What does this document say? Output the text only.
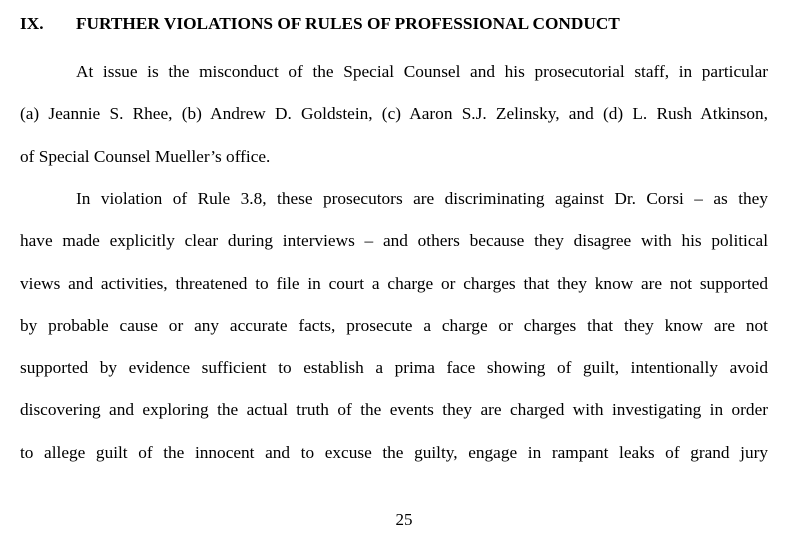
IX. FURTHER VIOLATIONS OF RULES OF PROFESSIONAL CONDUCT
At issue is the misconduct of the Special Counsel and his prosecutorial staff, in particular
(a) Jeannie S. Rhee, (b) Andrew D. Goldstein, (c) Aaron S.J. Zelinsky, and (d) L. Rush Atkinson,
of Special Counsel Mueller’s office.
In violation of Rule 3.8, these prosecutors are discriminating against Dr. Corsi – as they
have made explicitly clear during interviews – and others because they disagree with his political
views and activities, threatened to file in court a charge or charges that they know are not supported
by probable cause or any accurate facts, prosecute a charge or charges that they know are not
supported by evidence sufficient to establish a prima face showing of guilt, intentionally avoid
discovering and exploring the actual truth of the events they are charged with investigating in order
to allege guilt of the innocent and to excuse the guilty, engage in rampant leaks of grand jury
25
